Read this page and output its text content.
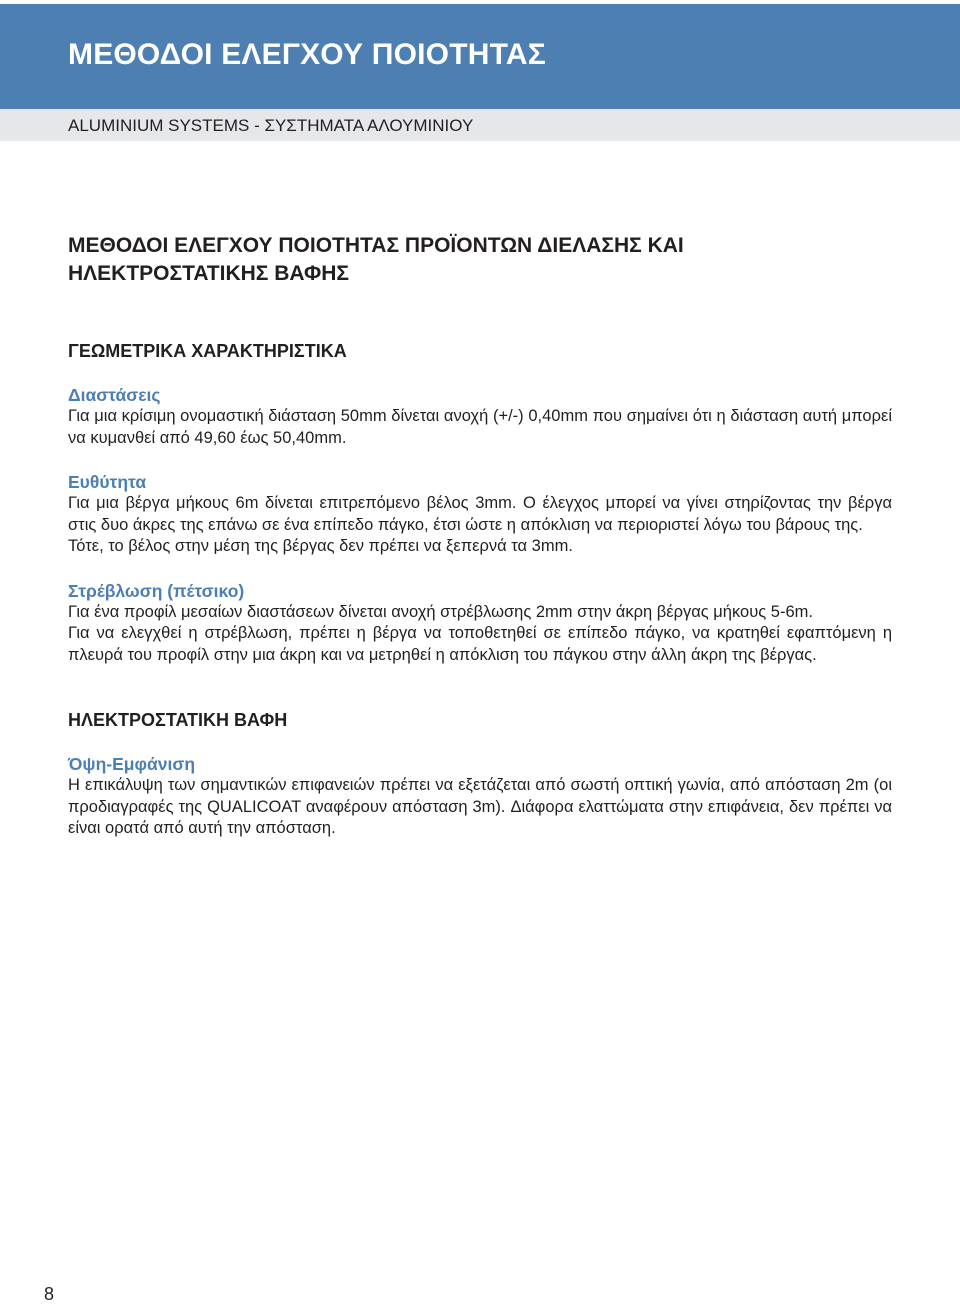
ΜΕΘΟΔΟΙ ΕΛΕΓΧΟΥ ΠΟΙΟΤΗΤΑΣ
ALUMINIUM SYSTEMS - ΣΥΣΤΗΜΑΤΑ ΑΛΟΥΜΙΝΙΟΥ
ΜΕΘΟΔΟΙ ΕΛΕΓΧΟΥ ΠΟΙΟΤΗΤΑΣ ΠΡΟΪΟΝΤΩΝ ΔΙΕΛΑΣΗΣ ΚΑΙ ΗΛΕΚΤΡΟΣΤΑΤΙΚΗΣ ΒΑΦΗΣ

ΓΕΩΜΕΤΡΙΚΑ ΧΑΡΑΚΤΗΡΙΣΤΙΚΑ

Διαστάσεις

Για μια κρίσιμη ονομαστική διάσταση 50mm δίνεται ανοχή (+/-) 0,40mm που σημαίνει ότι η διάσταση αυτή μπορεί να κυμανθεί από 49,60 έως 50,40mm.

Ευθύτητα

Για μια βέργα μήκους 6m δίνεται επιτρεπόμενο βέλος 3mm. Ο έλεγχος μπορεί να γίνει στηρίζοντας την βέργα στις δυο άκρες της επάνω σε ένα επίπεδο πάγκο, έτσι ώστε η απόκλιση να περιοριστεί λόγω του βάρους της.

Τότε, το βέλος στην μέση της βέργας δεν πρέπει να ξεπερνά τα 3mm.

Στρέβλωση (πέτσικο)

Για ένα προφίλ μεσαίων διαστάσεων δίνεται ανοχή στρέβλωσης 2mm στην άκρη βέργας μήκους 5-6m.

Για να ελεγχθεί η στρέβλωση, πρέπει η βέργα να τοποθετηθεί σε επίπεδο πάγκο, να κρατηθεί εφαπτόμενη η πλευρά του προφίλ στην μια άκρη και να μετρηθεί η απόκλιση του πάγκου στην άλλη άκρη της βέργας.

ΗΛΕΚΤΡΟΣΤΑΤΙΚΗ ΒΑΦΗ

Όψη-Εμφάνιση

Η επικάλυψη των σημαντικών επιφανειών πρέπει να εξετάζεται από σωστή οπτική γωνία, από απόσταση 2m (οι προδιαγραφές της QUALICOAT αναφέρουν απόσταση 3m). Διάφορα ελαττώματα στην επιφάνεια, δεν πρέπει να είναι ορατά από αυτή την απόσταση.

8
